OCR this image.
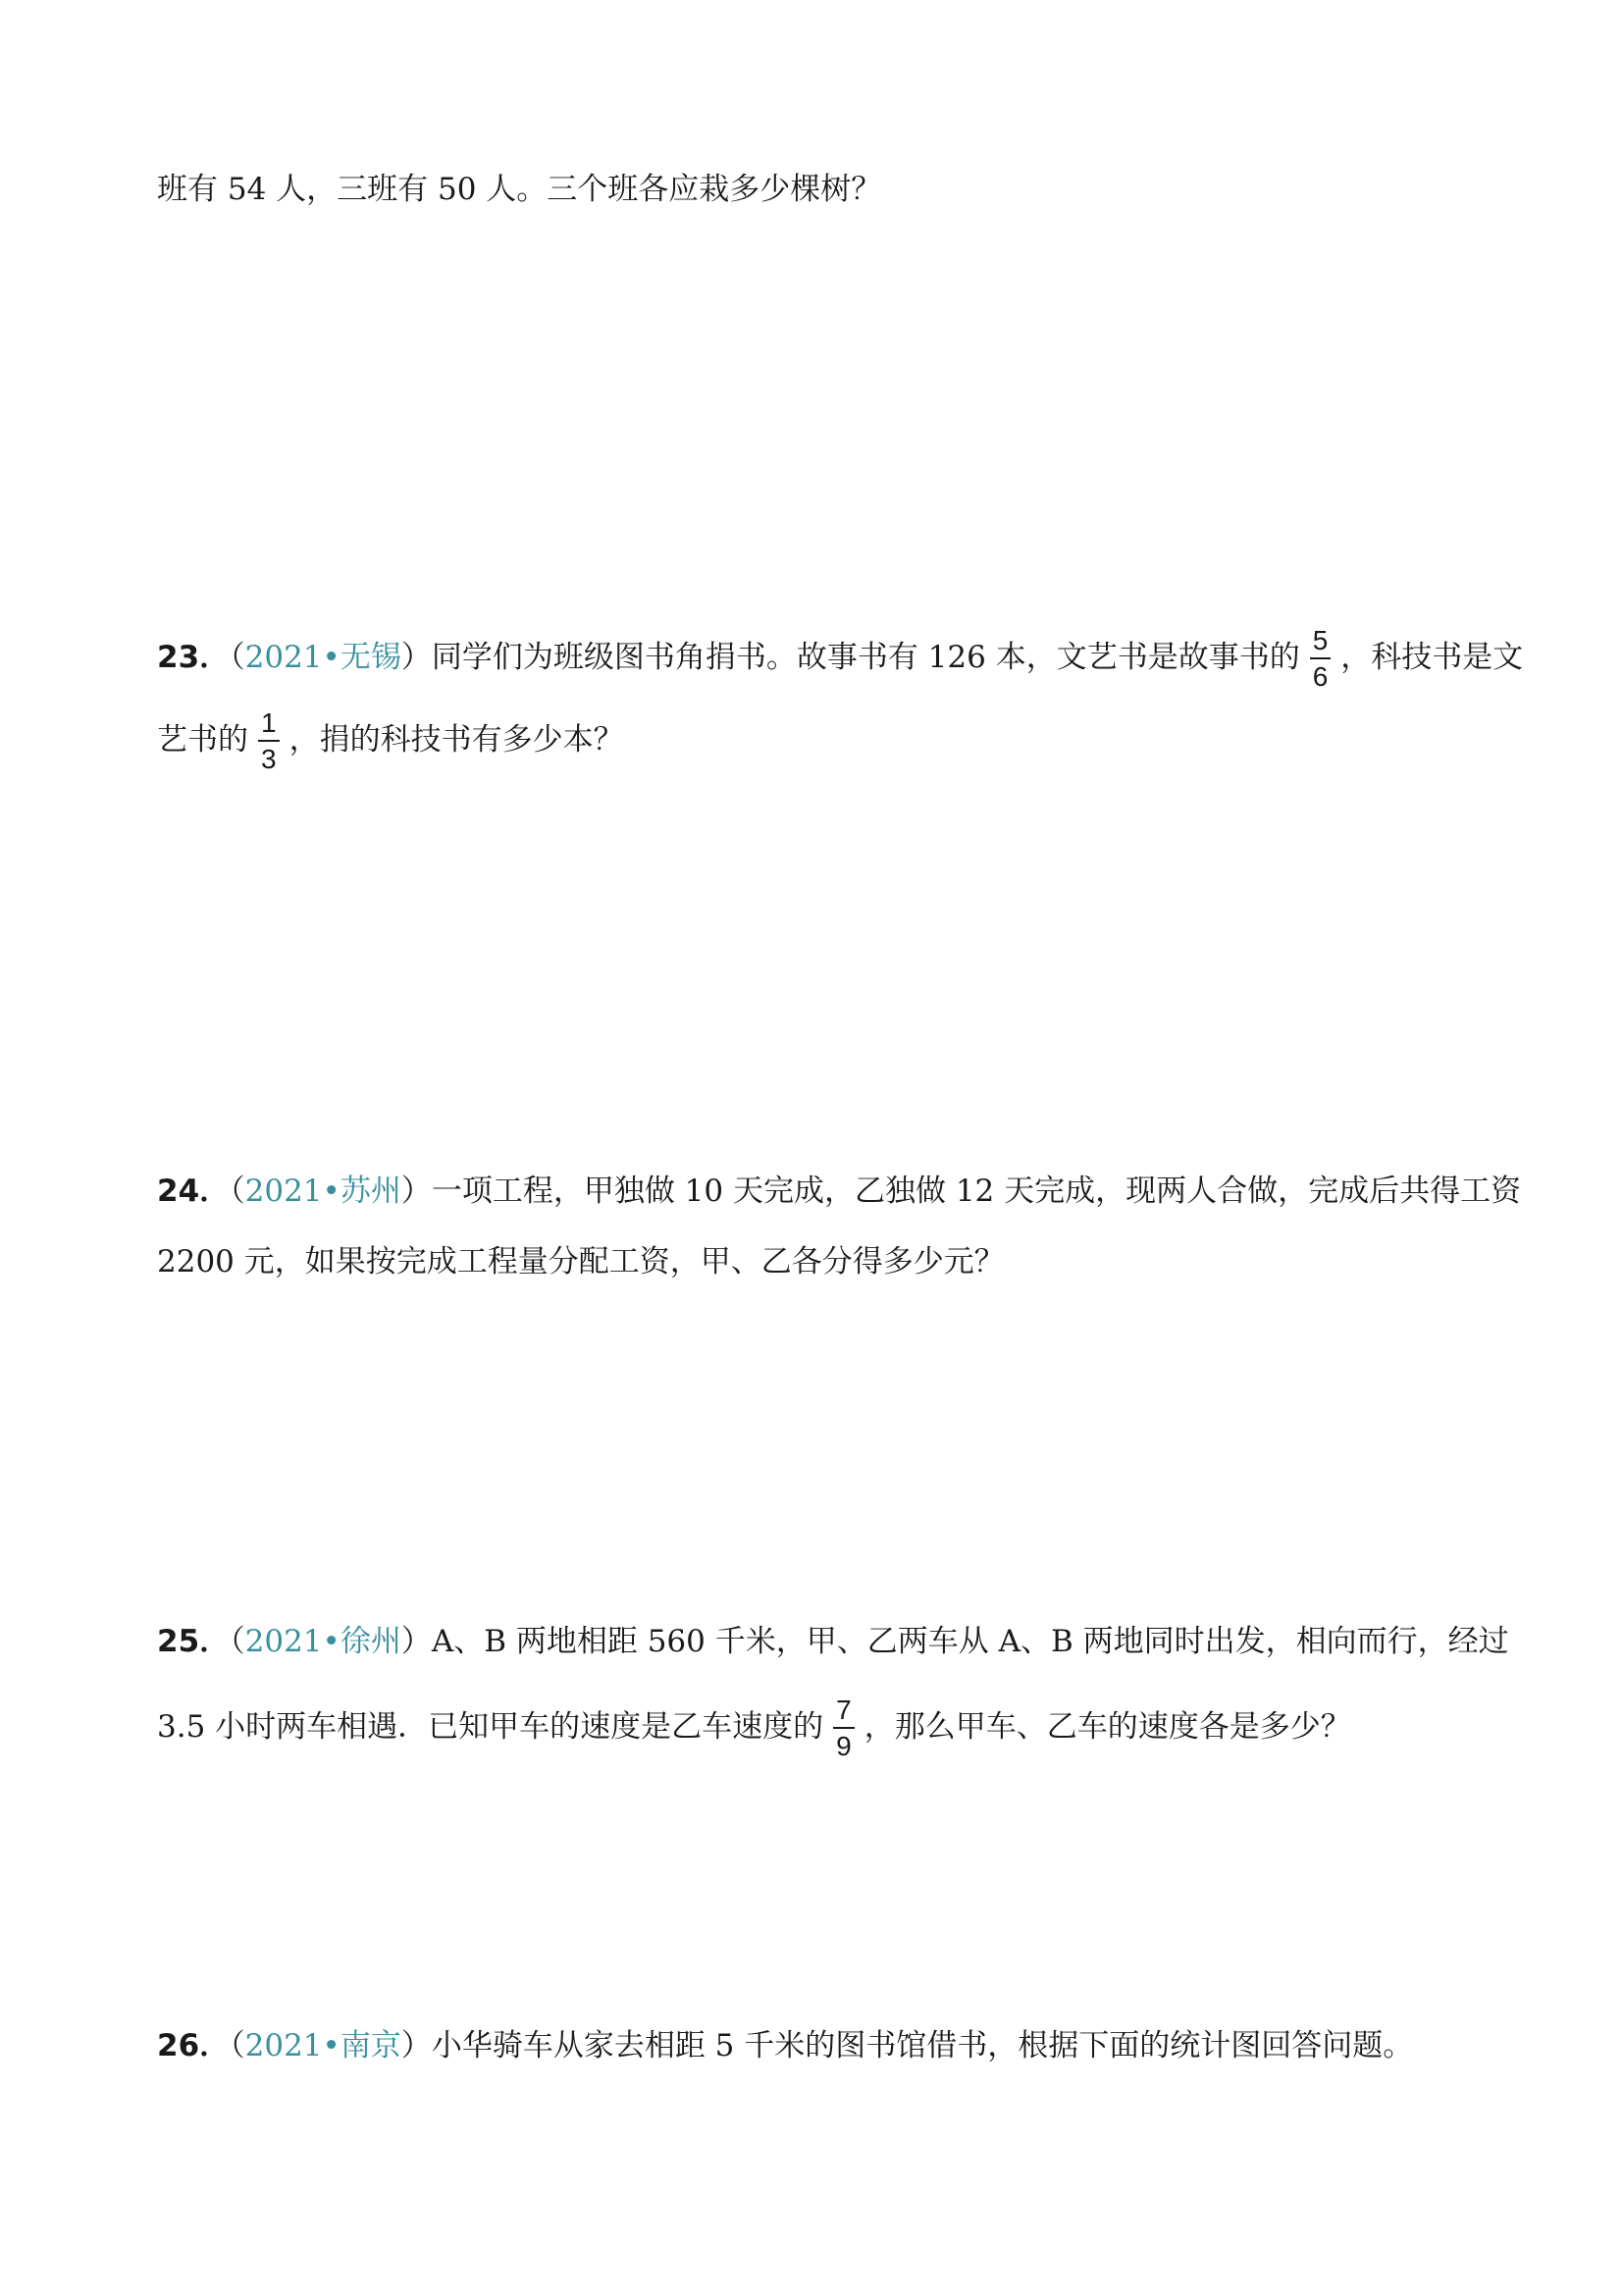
班有 54 人，三班有 50 人。三个班各应栽多少棵树？
23．（2021•无锡）同学们为班级图书角捐书。故事书有 126 本，文艺书是故事书的 $\frac{5}{6}$ ，科技书是文
艺书的 $\frac{1}{3}$ ，捐的科技书有多少本？
24．（2021•苏州）一项工程，甲独做 10 天完成，乙独做 12 天完成，现两人合做，完成后共得工资
2200 元，如果按完成工程量分配工资，甲、乙各分得多少元？
25．（2021•徐州）A、B 两地相距 560 千米，甲、乙两车从 A、B 两地同时出发，相向而行，经过
3.5 小时两车相遇．已知甲车的速度是乙车速度的 $\frac{7}{9}$ ，那么甲车、乙车的速度各是多少？
26．（2021•南京）小华骑车从家去相距 5 千米的图书馆借书，根据下面的统计图回答问题。
